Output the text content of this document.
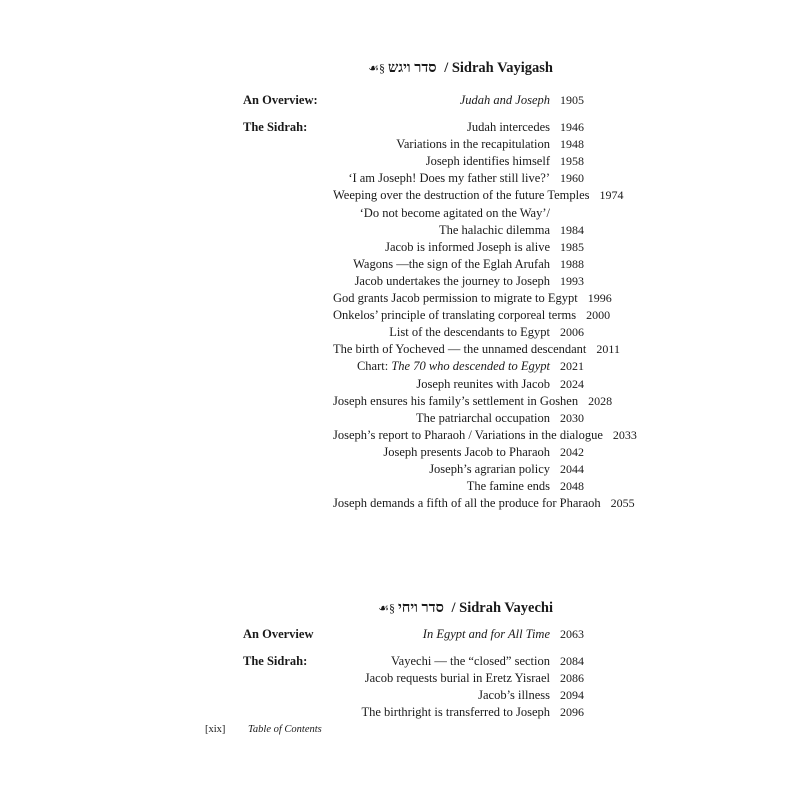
☙§ סדר ויגש / Sidrah Vayigash
An Overview:	Judah and Joseph 1905
The Sidrah:	Judah intercedes 1946
Variations in the recapitulation 1948
Joseph identifies himself 1958
‘I am Joseph! Does my father still live?’ 1960
Weeping over the destruction of the future Temples 1974
‘Do not become agitated on the Way’/
The halachic dilemma 1984
Jacob is informed Joseph is alive 1985
Wagons —the sign of the Eglah Arufah 1988
Jacob undertakes the journey to Joseph 1993
God grants Jacob permission to migrate to Egypt 1996
Onkelos’ principle of translating corporeal terms 2000
List of the descendants to Egypt 2006
The birth of Yocheved — the unnamed descendant 2011
Chart: The 70 who descended to Egypt 2021
Joseph reunites with Jacob 2024
Joseph ensures his family’s settlement in Goshen 2028
The patriarchal occupation 2030
Joseph’s report to Pharaoh / Variations in the dialogue 2033
Joseph presents Jacob to Pharaoh 2042
Joseph’s agrarian policy 2044
The famine ends 2048
Joseph demands a fifth of all the produce for Pharaoh 2055
☙§ סדר ויחי / Sidrah Vayechi
An Overview	In Egypt and for All Time 2063
The Sidrah:	Vayechi — the “closed” section 2084
Jacob requests burial in Eretz Yisrael 2086
Jacob’s illness 2094
The birthright is transferred to Joseph 2096
[xix] Table of Contents
